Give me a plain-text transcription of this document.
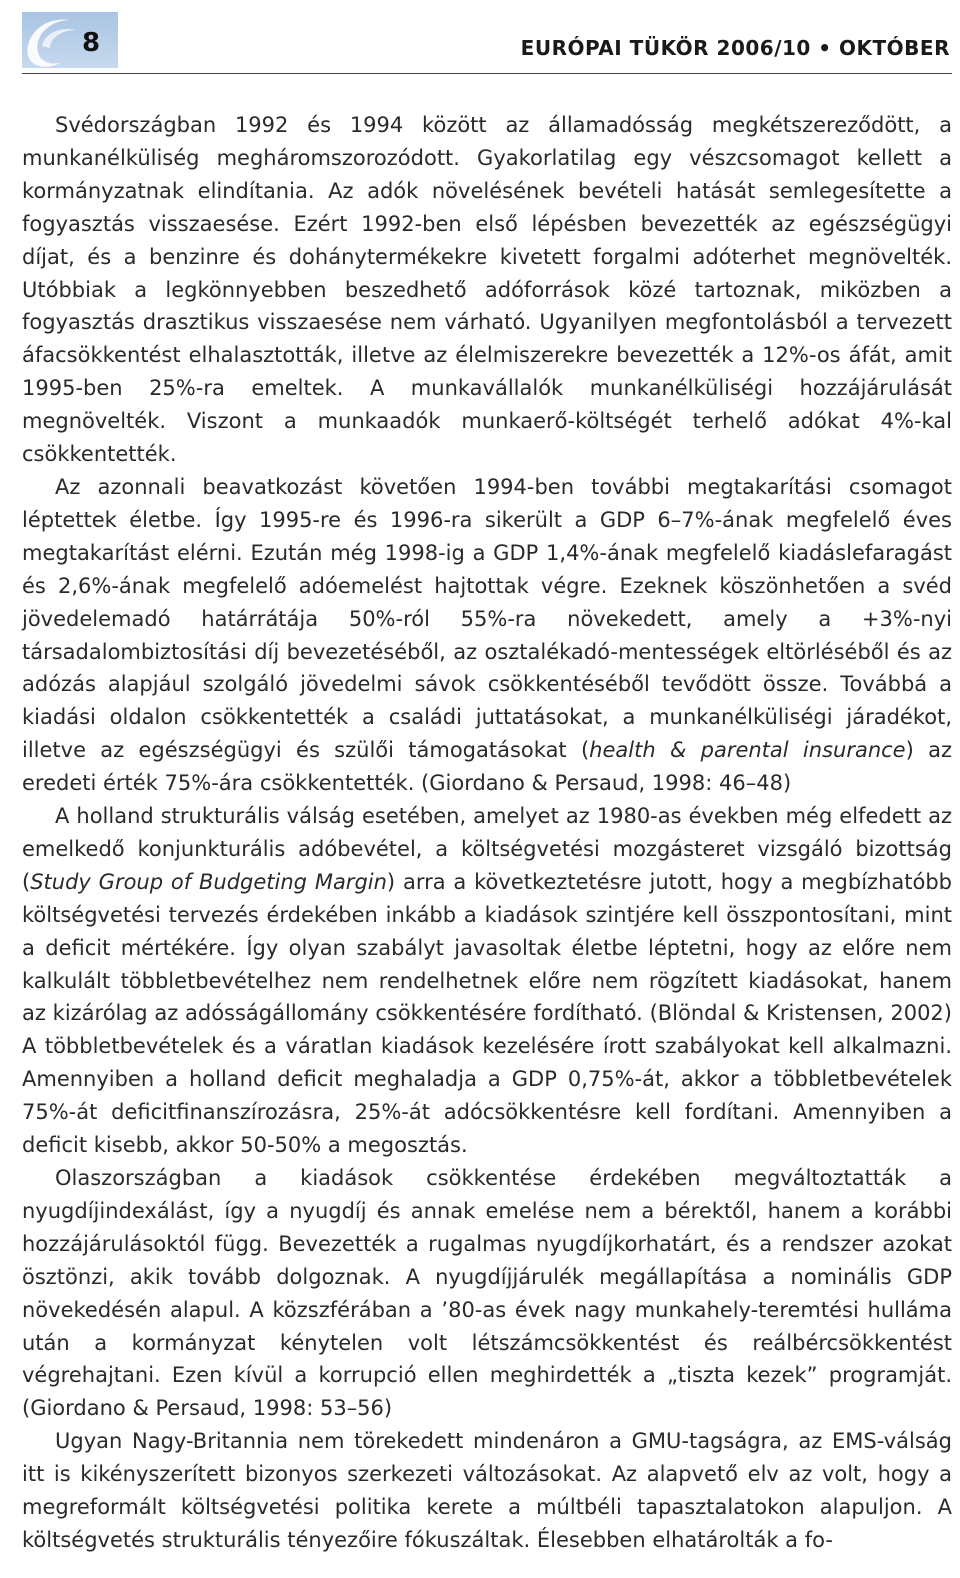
8	EURÓPAI TÜKÖR 2006/10 • OKTÓBER

Svédországban 1992 és 1994 között az államadósság megkétszereződött, a munkanélküliség megháromszorozódott. Gyakorlatilag egy vészcsomagot kellett a kormányzatnak elindítania. Az adók növelésének bevételi hatását semlegesítette a fogyasztás visszaesése. Ezért 1992-ben első lépésben bevezették az egészségügyi díjat, és a benzinre és dohánytermékekre kivetett forgalmi adóterhet megnövelték. Utóbbiak a legkönnyebben beszedhető adóforrások közé tartoznak, miközben a fogyasztás drasztikus visszaesése nem várható. Ugyanilyen megfontolásból a tervezett áfacsökkentést elhalasztották, illetve az élelmiszerekre bevezették a 12%-os áfát, amit 1995-ben 25%-ra emeltek. A munkavállalók munkanélküliségi hozzájárulását megnövelték. Viszont a munkaadók munkaerő-költségét terhelő adókat 4%-kal csökkentették.

Az azonnali beavatkozást követően 1994-ben további megtakarítási csomagot léptettek életbe. Így 1995-re és 1996-ra sikerült a GDP 6–7%-ának megfelelő éves megtakarítást elérni. Ezután még 1998-ig a GDP 1,4%-ának megfelelő kiadáslefaragást és 2,6%-ának megfelelő adóemelést hajtottak végre. Ezeknek köszönhetően a svéd jövedelemadó határrátája 50%-ról 55%-ra növekedett, amely a +3%-nyi társadalombiztosítási díj bevezetéséből, az osztalékadó-mentességek eltörléséből és az adózás alapjául szolgáló jövedelmi sávok csökkentéséből tevődött össze. Továbbá a kiadási oldalon csökkentették a családi juttatásokat, a munkanélküliségi járadékot, illetve az egészségügyi és szülői támogatásokat (health & parental insurance) az eredeti érték 75%-ára csökkentették. (Giordano & Persaud, 1998: 46–48)

A holland strukturális válság esetében, amelyet az 1980-as években még elfedett az emelkedő konjunkturális adóbevétel, a költségvetési mozgásteret vizsgáló bizottság (Study Group of Budgeting Margin) arra a következtetésre jutott, hogy a megbízhatóbb költségvetési tervezés érdekében inkább a kiadások szintjére kell összpontosítani, mint a deficit mértékére. Így olyan szabályt javasoltak életbe léptetni, hogy az előre nem kalkulált többletbevételhez nem rendelhetnek előre nem rögzített kiadásokat, hanem az kizárólag az adósságállomány csökkentésére fordítható. (Blöndal & Kristensen, 2002) A többletbevételek és a váratlan kiadások kezelésére írott szabályokat kell alkalmazni. Amennyiben a holland deficit meghaladja a GDP 0,75%-át, akkor a többletbevételek 75%-át deficitfinanszírozásra, 25%-át adócsökkentésre kell fordítani. Amennyiben a deficit kisebb, akkor 50-50% a megosztás.

Olaszországban a kiadások csökkentése érdekében megváltoztatták a nyugdíjindexálást, így a nyugdíj és annak emelése nem a bérektől, hanem a korábbi hozzájárulásoktól függ. Bevezették a rugalmas nyugdíjkorhatárt, és a rendszer azokat ösztönzi, akik tovább dolgoznak. A nyugdíjjárulék megállapítása a nominális GDP növekedésén alapul. A közszférában a ’80-as évek nagy munkahely-teremtési hulláma után a kormányzat kénytelen volt létszámcsökkentést és reálbércsökkentést végrehajtani. Ezen kívül a korrupció ellen meghirdették a „tiszta kezek” programját. (Giordano & Persaud, 1998: 53–56)

Ugyan Nagy-Britannia nem törekedett mindenáron a GMU-tagságra, az EMS-válság itt is kikényszerített bizonyos szerkezeti változásokat. Az alapvető elv az volt, hogy a megreformált költségvetési politika kerete a múltbéli tapasztalatokon alapuljon. A költségvetés strukturális tényezőire fókuszáltak. Élesebben elhatárolták a fo-
